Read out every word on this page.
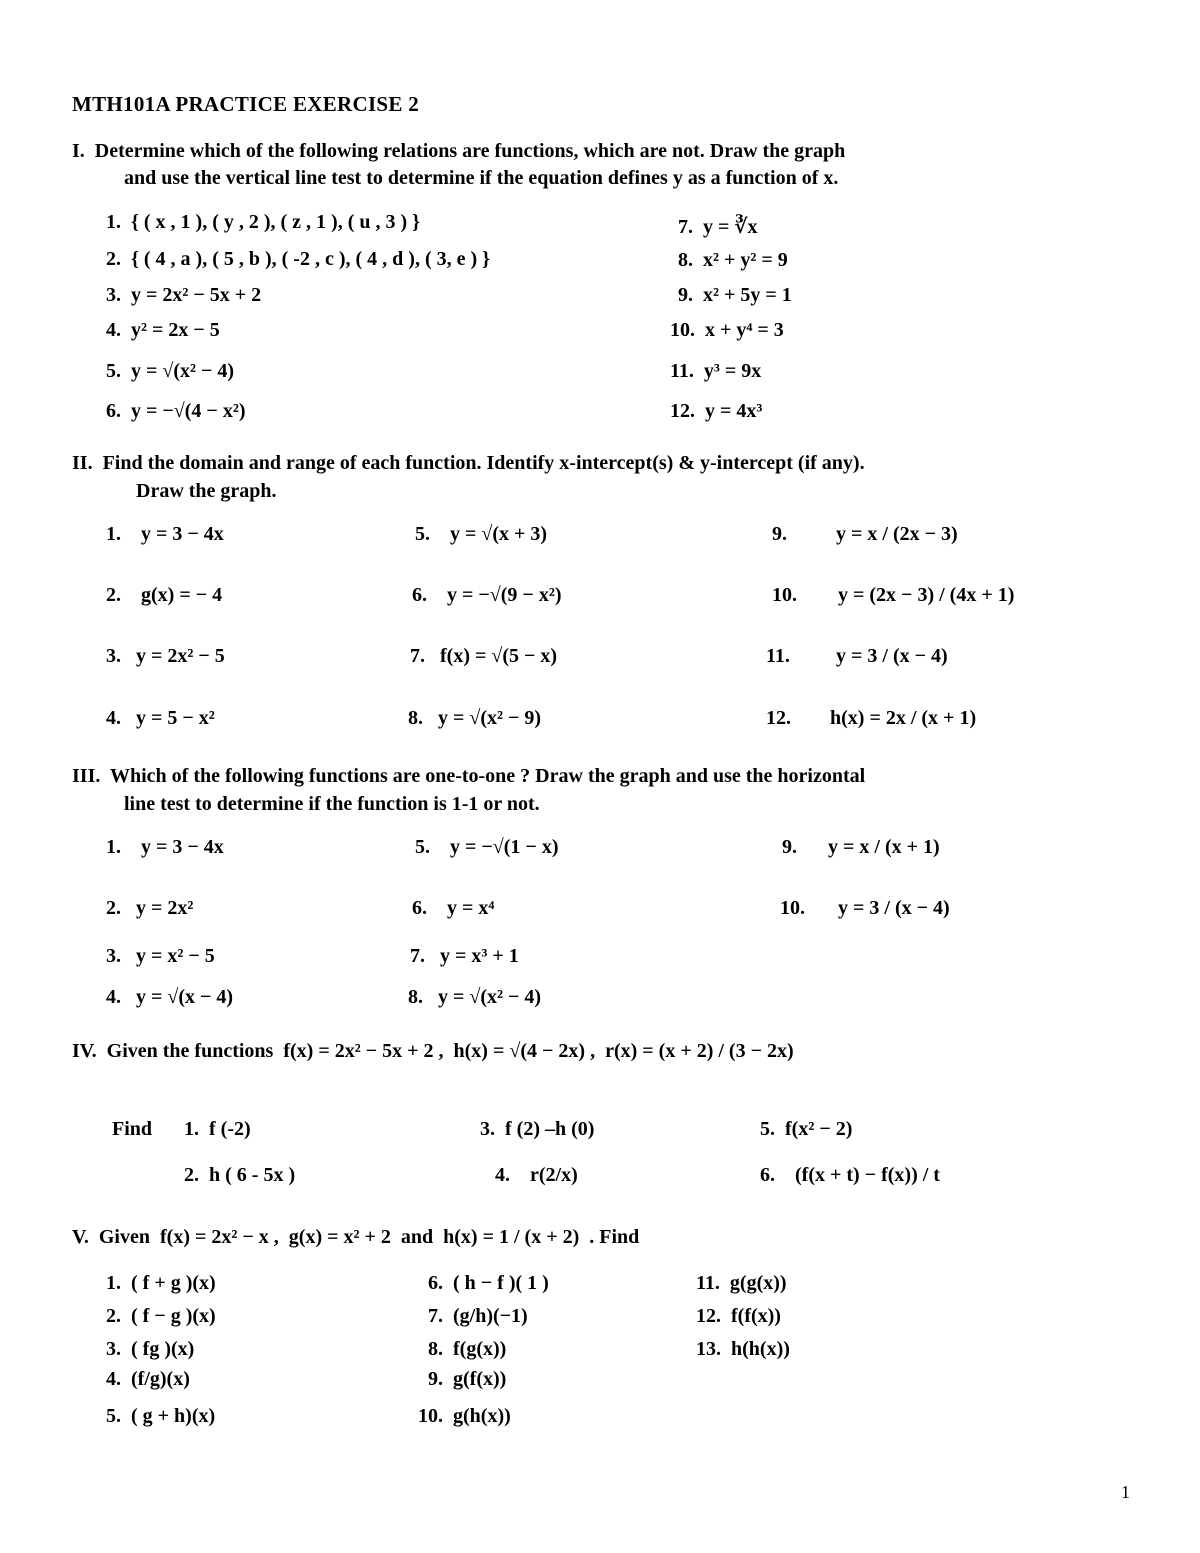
MTH101A PRACTICE EXERCISE 2
I. Determine which of the following relations are functions, which are not. Draw the graph
and use the vertical line test to determine if the equation defines y as a function of x.
1. { ( x , 1 ), ( y , 2 ), ( z , 1 ), ( u , 3 ) }
2. { ( 4 , a ), ( 5 , b ), ( -2 , c ), ( 4 , d ), ( 3, e ) }
3. y = 2x² − 5x + 2
4. y² = 2x − 5
5. y = √(x² − 4)
6. y = −√(4 − x²)
7. y = ∛x
8. x² + y² = 9
9. x² + 5y = 1
10. x + y⁴ = 3
11. y³ = 9x
12. y = 4x³
II. Find the domain and range of each function. Identify x-intercept(s) & y-intercept (if any).
Draw the graph.
1. y = 3 − 4x
2. g(x) = − 4
3. y = 2x² − 5
4. y = 5 − x²
5. y = √(x + 3)
6. y = −√(9 − x²)
7. f(x) = √(5 − x)
8. y = √(x² − 9)
9. y = x / (2x − 3)
10. y = (2x − 3) / (4x + 1)
11. y = 3 / (x − 4)
12. h(x) = 2x / (x + 1)
III. Which of the following functions are one-to-one ? Draw the graph and use the horizontal
line test to determine if the function is 1-1 or not.
1. y = 3 − 4x
2. y = 2x²
3. y = x² − 5
4. y = √(x − 4)
5. y = −√(1 − x)
6. y = x⁴
7. y = x³ + 1
8. y = √(x² − 4)
9. y = x / (x + 1)
10. y = 3 / (x − 4)
IV. Given the functions f(x) = 2x² − 5x + 2 ,  h(x) = √(4 − 2x) ,  r(x) = (x + 2) / (3 − 2x)
Find 1. f (-2)
2. h ( 6 - 5x )
3. f (2) –h (0)
4. r(2/x)
5. f(x² − 2)
6. (f(x + t) − f(x)) / t
V. Given f(x) = 2x² − x ,  g(x) = x² + 2 and h(x) = 1 / (x + 2) . Find
1. ( f + g )(x)
2. ( f − g )(x)
3. ( fg )(x)
4. (f/g)(x)
5. ( g + h)(x)
6. ( h − f )( 1 )
7. (g/h)(−1)
8. f(g(x))
9. g(f(x))
10. g(h(x))
11. g(g(x))
12. f(f(x))
13. h(h(x))
1
